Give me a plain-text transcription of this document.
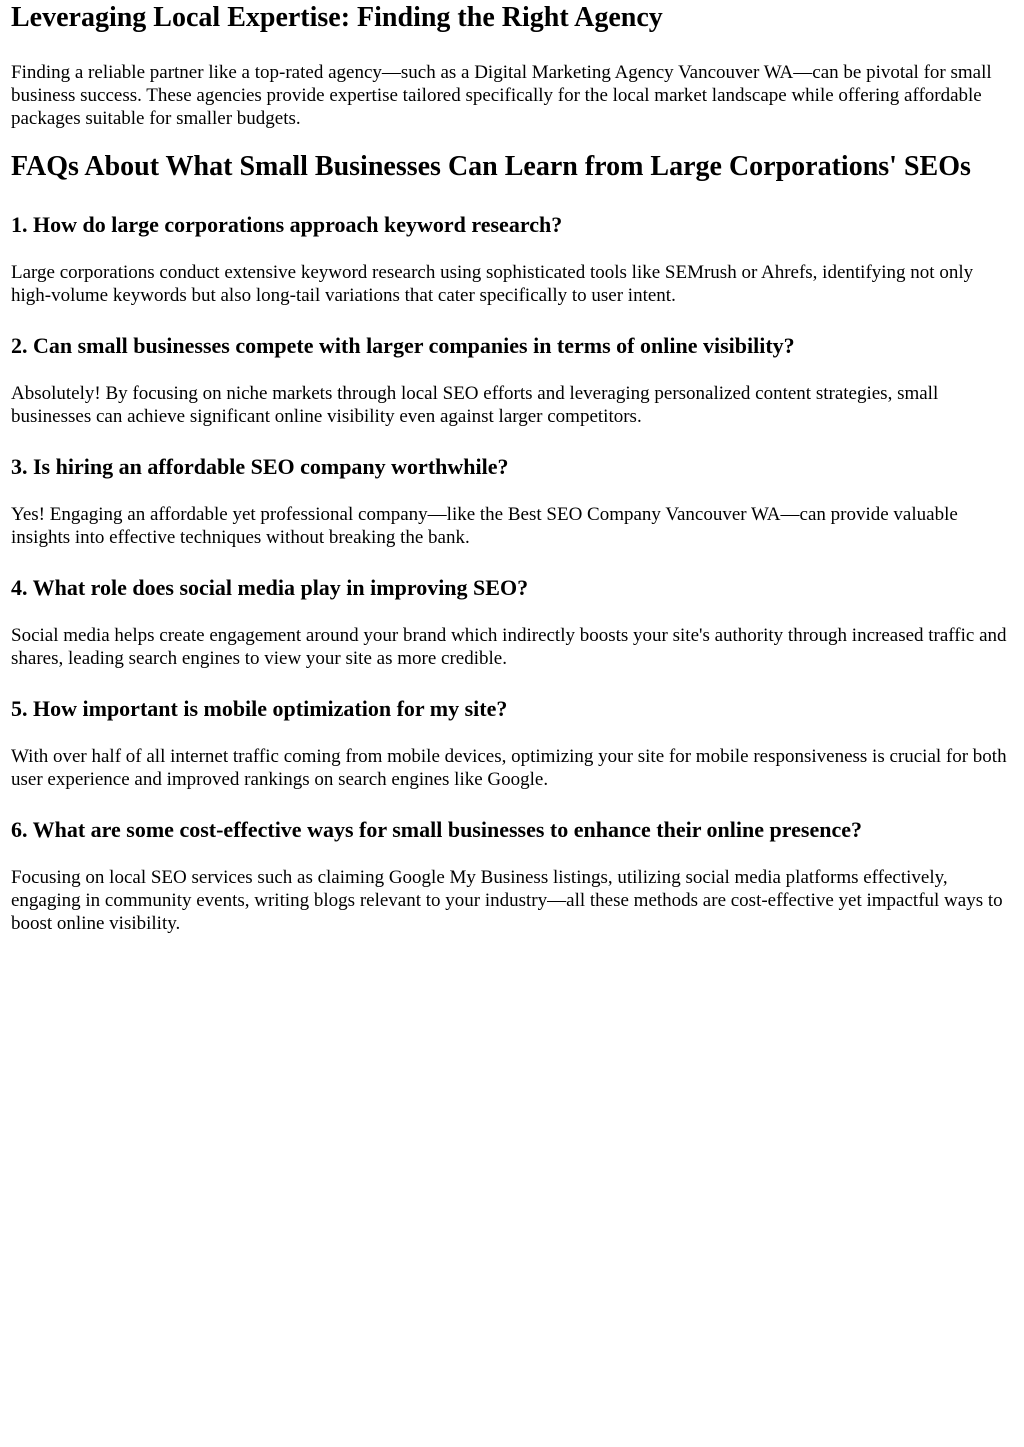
Leveraging Local Expertise: Finding the Right Agency

Finding a reliable partner like a top-rated agency—such as a Digital Marketing Agency Vancouver WA—can be pivotal for small business success. These agencies provide expertise tailored specifically for the local market landscape while offering affordable packages suitable for smaller budgets.

FAQs About What Small Businesses Can Learn from Large Corporations' SEOs
1. How do large corporations approach keyword research?

Large corporations conduct extensive keyword research using sophisticated tools like SEMrush or Ahrefs, identifying not only high-volume keywords but also long-tail variations that cater specifically to user intent.

2. Can small businesses compete with larger companies in terms of online visibility?

Absolutely! By focusing on niche markets through local SEO efforts and leveraging personalized content strategies, small businesses can achieve significant online visibility even against larger competitors.

3. Is hiring an affordable SEO company worthwhile?

Yes! Engaging an affordable yet professional company—like the Best SEO Company Vancouver WA—can provide valuable insights into effective techniques without breaking the bank.

4. What role does social media play in improving SEO?

Social media helps create engagement around your brand which indirectly boosts your site's authority through increased traffic and shares, leading search engines to view your site as more credible.

5. How important is mobile optimization for my site?

With over half of all internet traffic coming from mobile devices, optimizing your site for mobile responsiveness is crucial for both user experience and improved rankings on search engines like Google.

6. What are some cost-effective ways for small businesses to enhance their online presence?

Focusing on local SEO services such as claiming Google My Business listings, utilizing social media platforms effectively, engaging in community events, writing blogs relevant to your industry—all these methods are cost-effective yet impactful ways to boost online visibility.
